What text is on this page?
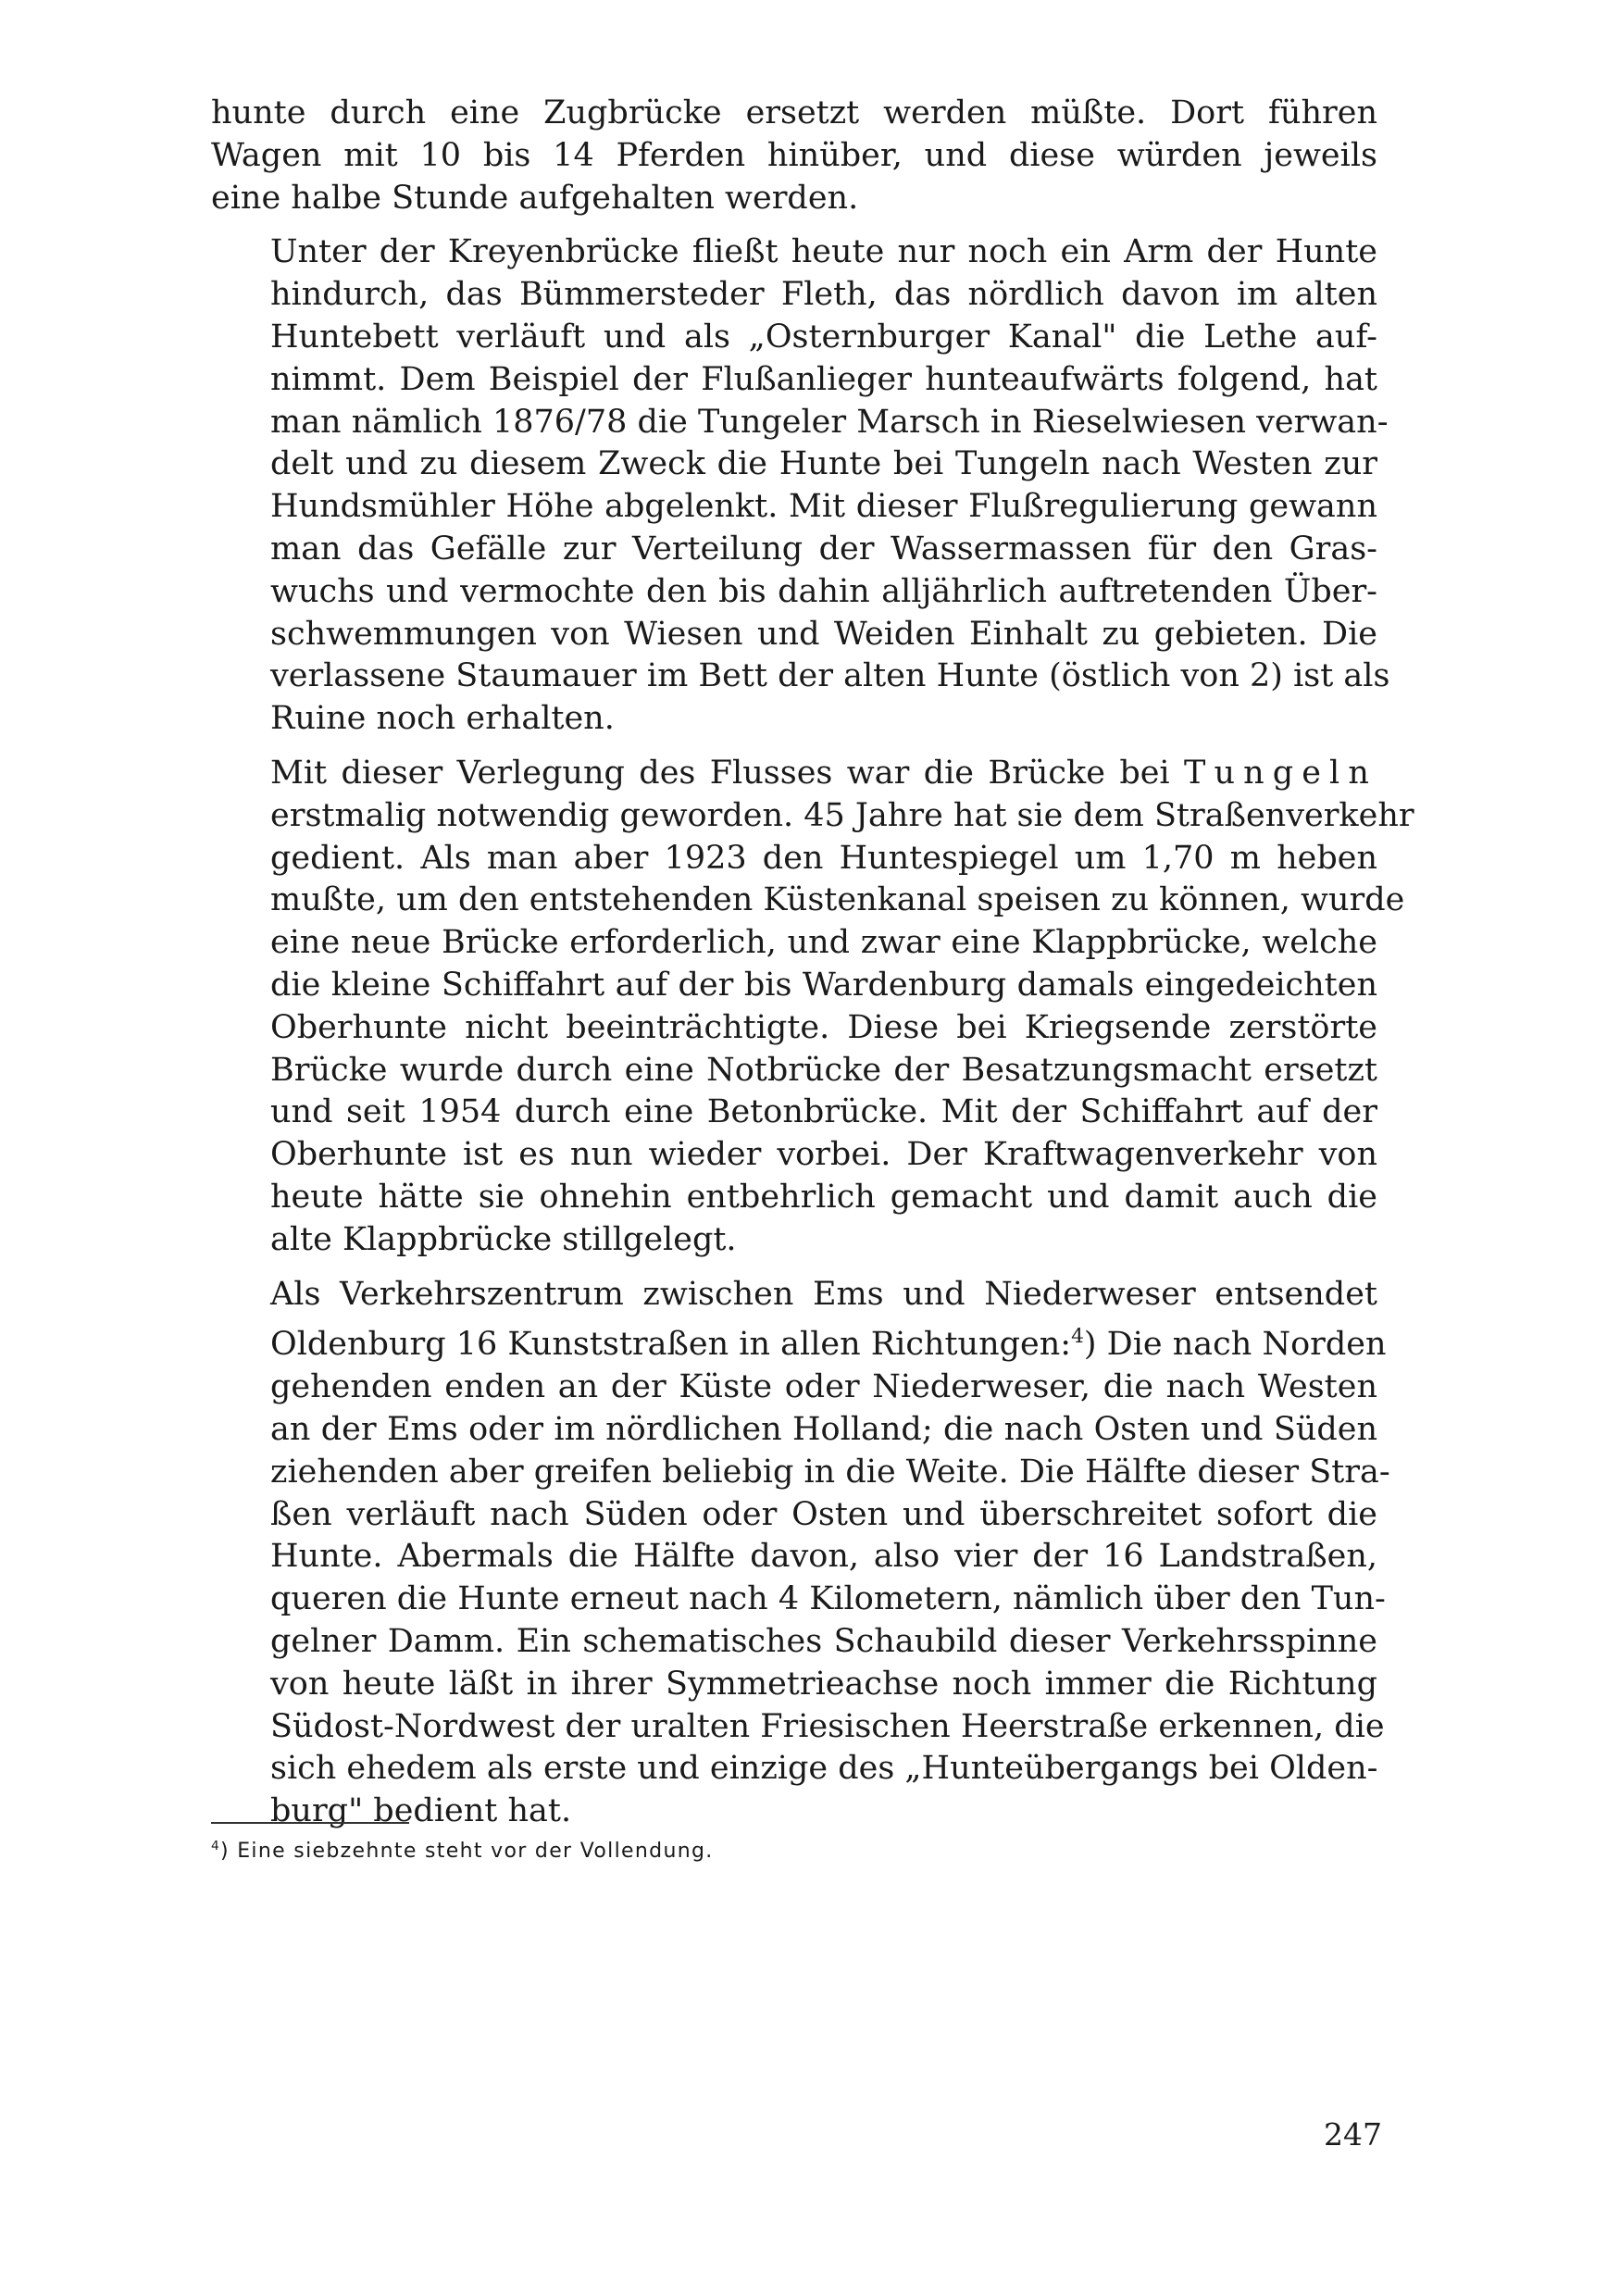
hunte durch eine Zugbrücke ersetzt werden müßte. Dort führen
Wagen mit 10 bis 14 Pferden hinüber, und diese würden jeweils
eine halbe Stunde aufgehalten werden.

Unter der Kreyenbrücke fließt heute nur noch ein Arm der Hunte
hindurch, das Bümmersteder Fleth, das nördlich davon im alten
Huntebett verläuft und als „Osternburger Kanal" die Lethe auf-
nimmt. Dem Beispiel der Flußanlieger hunteaufwärts folgend, hat
man nämlich 1876/78 die Tungeler Marsch in Rieselwiesen verwan-
delt und zu diesem Zweck die Hunte bei Tungeln nach Westen zur
Hundsmühler Höhe abgelenkt. Mit dieser Flußregulierung gewann
man das Gefälle zur Verteilung der Wassermassen für den Gras-
wuchs und vermochte den bis dahin alljährlich auftretenden Über-
schwemmungen von Wiesen und Weiden Einhalt zu gebieten. Die
verlassene Staumauer im Bett der alten Hunte (östlich von 2) ist als
Ruine noch erhalten.

Mit dieser Verlegung des Flusses war die Brücke bei Tungeln
erstmalig notwendig geworden. 45 Jahre hat sie dem Straßenverkehr
gedient. Als man aber 1923 den Huntespiegel um 1,70 m heben
mußte, um den entstehenden Küstenkanal speisen zu können, wurde
eine neue Brücke erforderlich, und zwar eine Klappbrücke, welche
die kleine Schiffahrt auf der bis Wardenburg damals eingedeichten
Oberhunte nicht beeinträchtigte. Diese bei Kriegsende zerstörte
Brücke wurde durch eine Notbrücke der Besatzungsmacht ersetzt
und seit 1954 durch eine Betonbrücke. Mit der Schiffahrt auf der
Oberhunte ist es nun wieder vorbei. Der Kraftwagenverkehr von
heute hätte sie ohnehin entbehrlich gemacht und damit auch die
alte Klappbrücke stillgelegt.

Als Verkehrszentrum zwischen Ems und Niederweser entsendet
Oldenburg 16 Kunststraßen in allen Richtungen:$^4$) Die nach Norden
gehenden enden an der Küste oder Niederweser, die nach Westen
an der Ems oder im nördlichen Holland; die nach Osten und Süden
ziehenden aber greifen beliebig in die Weite. Die Hälfte dieser Stra-
ßen verläuft nach Süden oder Osten und überschreitet sofort die
Hunte. Abermals die Hälfte davon, also vier der 16 Landstraßen,
queren die Hunte erneut nach 4 Kilometern, nämlich über den Tun-
gelner Damm. Ein schematisches Schaubild dieser Verkehrsspinne
von heute läßt in ihrer Symmetrieachse noch immer die Richtung
Südost-Nordwest der uralten Friesischen Heerstraße erkennen, die
sich ehedem als erste und einzige des „Hunteübergangs bei Olden-
burg" bedient hat.

$^4$) Eine siebzehnte steht vor der Vollendung.
247
